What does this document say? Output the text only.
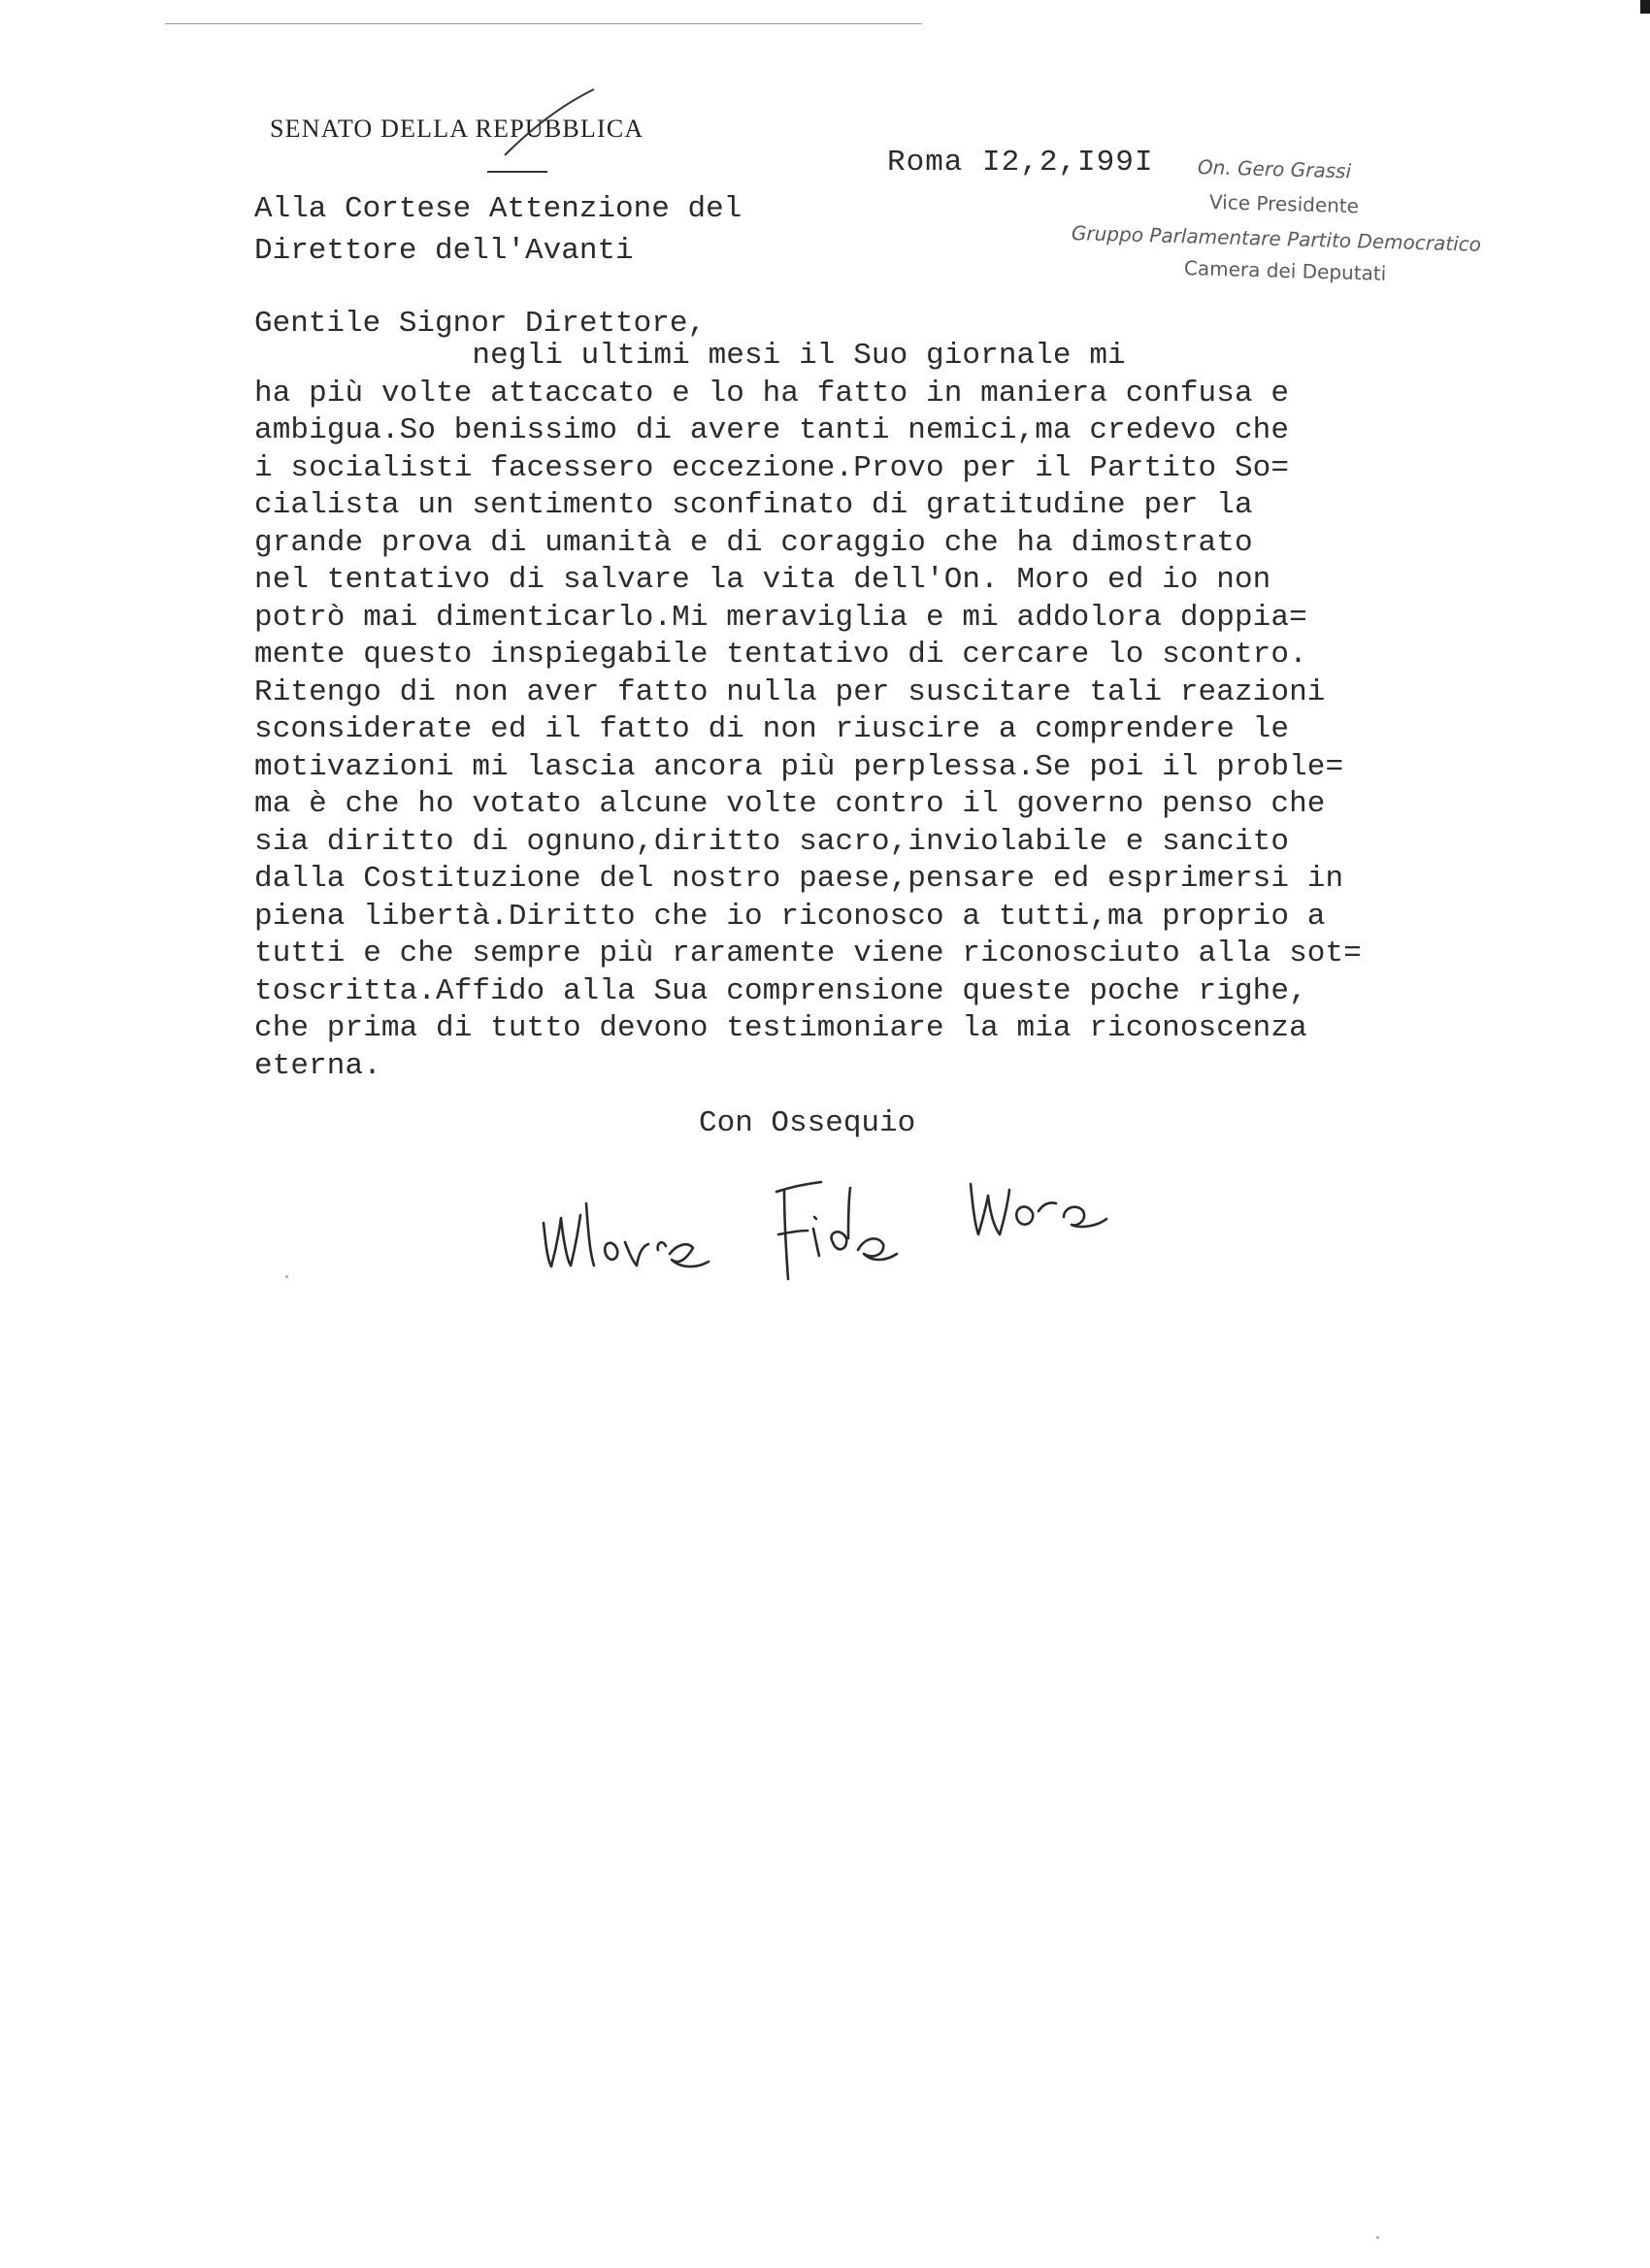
SENATO DELLA REPUBBLICA
Roma I2,2,I99I On. Gero Grassi
Vice Presidente
Gruppo Parlamentare Partito Democratico
Camera dei Deputati
Alla Cortese Attenzione del
Direttore dell'Avanti
Gentile Signor Direttore,
negli ultimi mesi il Suo giornale mi
ha più volte attaccato e lo ha fatto in maniera confusa e
ambigua.So benissimo di avere tanti nemici,ma credevo che
i socialisti facessero eccezione.Provo per il Partito So=
cialista un sentimento sconfinato di gratitudine per la
grande prova di umanità e di coraggio che ha dimostrato
nel tentativo di salvare la vita dell'On. Moro ed io non
potrò mai dimenticarlo.Mi meraviglia e mi addolora doppia=
mente questo inspiegabile tentativo di cercare lo scontro.
Ritengo di non aver fatto nulla per suscitare tali reazioni
sconsiderate ed il fatto di non riuscire a comprendere le
motivazioni mi lascia ancora più perplessa.Se poi il proble=
ma è che ho votato alcune volte contro il governo penso che
sia diritto di ognuno,diritto sacro,inviolabile e sancito
dalla Costituzione del nostro paese,pensare ed esprimersi in
piena libertà.Diritto che io riconosco a tutti,ma proprio a
tutti e che sempre più raramente viene riconosciuto alla sot=
toscritta.Affido alla Sua comprensione queste poche righe,
che prima di tutto devono testimoniare la mia riconoscenza
eterna.
Con Ossequio
